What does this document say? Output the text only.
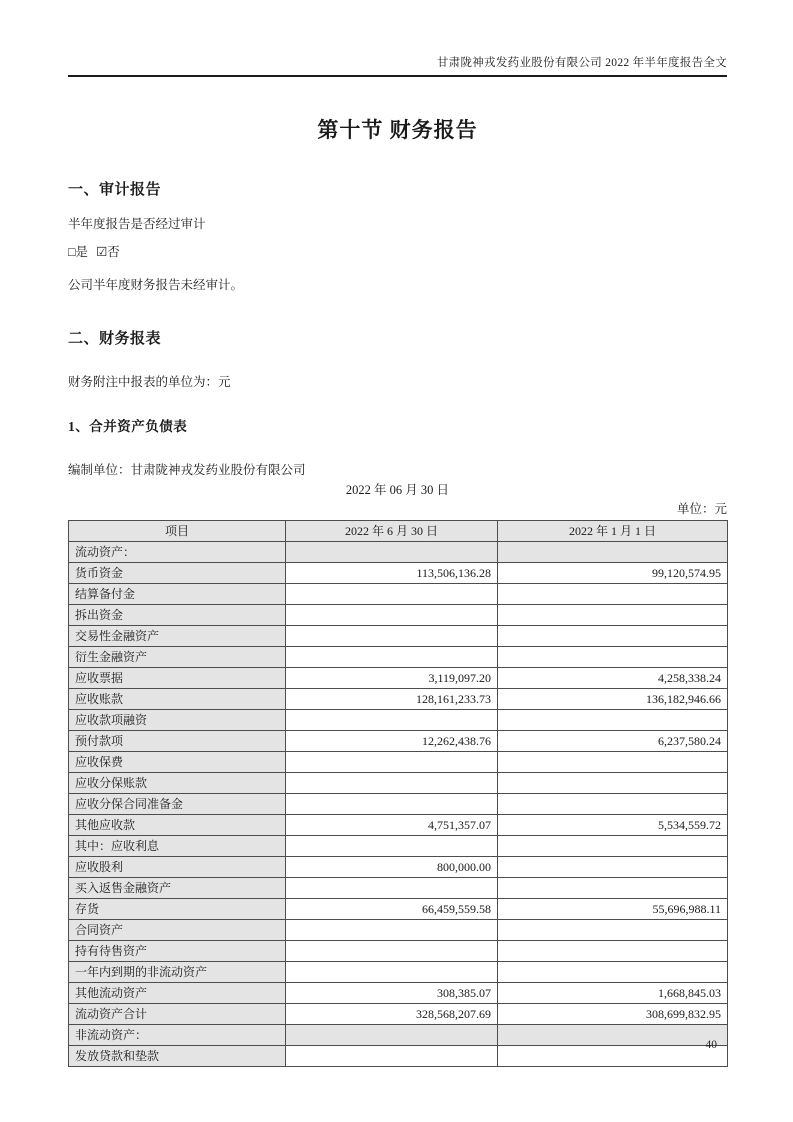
甘肃陇神戎发药业股份有限公司 2022 年半年度报告全文
第十节 财务报告
一、审计报告
半年度报告是否经过审计
□是 ☑否
公司半年度财务报告未经审计。
二、财务报表
财务附注中报表的单位为：元
1、合并资产负债表
编制单位：甘肃陇神戎发药业股份有限公司
2022 年 06 月 30 日
单位：元
项目	2022 年 6 月 30 日	2022 年 1 月 1 日
流动资产：		
货币资金	113,506,136.28	99,120,574.95
结算备付金		
拆出资金		
交易性金融资产		
衍生金融资产		
应收票据	3,119,097.20	4,258,338.24
应收账款	128,161,233.73	136,182,946.66
应收款项融资		
预付款项	12,262,438.76	6,237,580.24
应收保费		
应收分保账款		
应收分保合同准备金		
其他应收款	4,751,357.07	5,534,559.72
其中：应收利息		
应收股利	800,000.00	
买入返售金融资产		
存货	66,459,559.58	55,696,988.11
合同资产		
持有待售资产		
一年内到期的非流动资产		
其他流动资产	308,385.07	1,668,845.03
流动资产合计	328,568,207.69	308,699,832.95
非流动资产：		
发放贷款和垫款		
40
